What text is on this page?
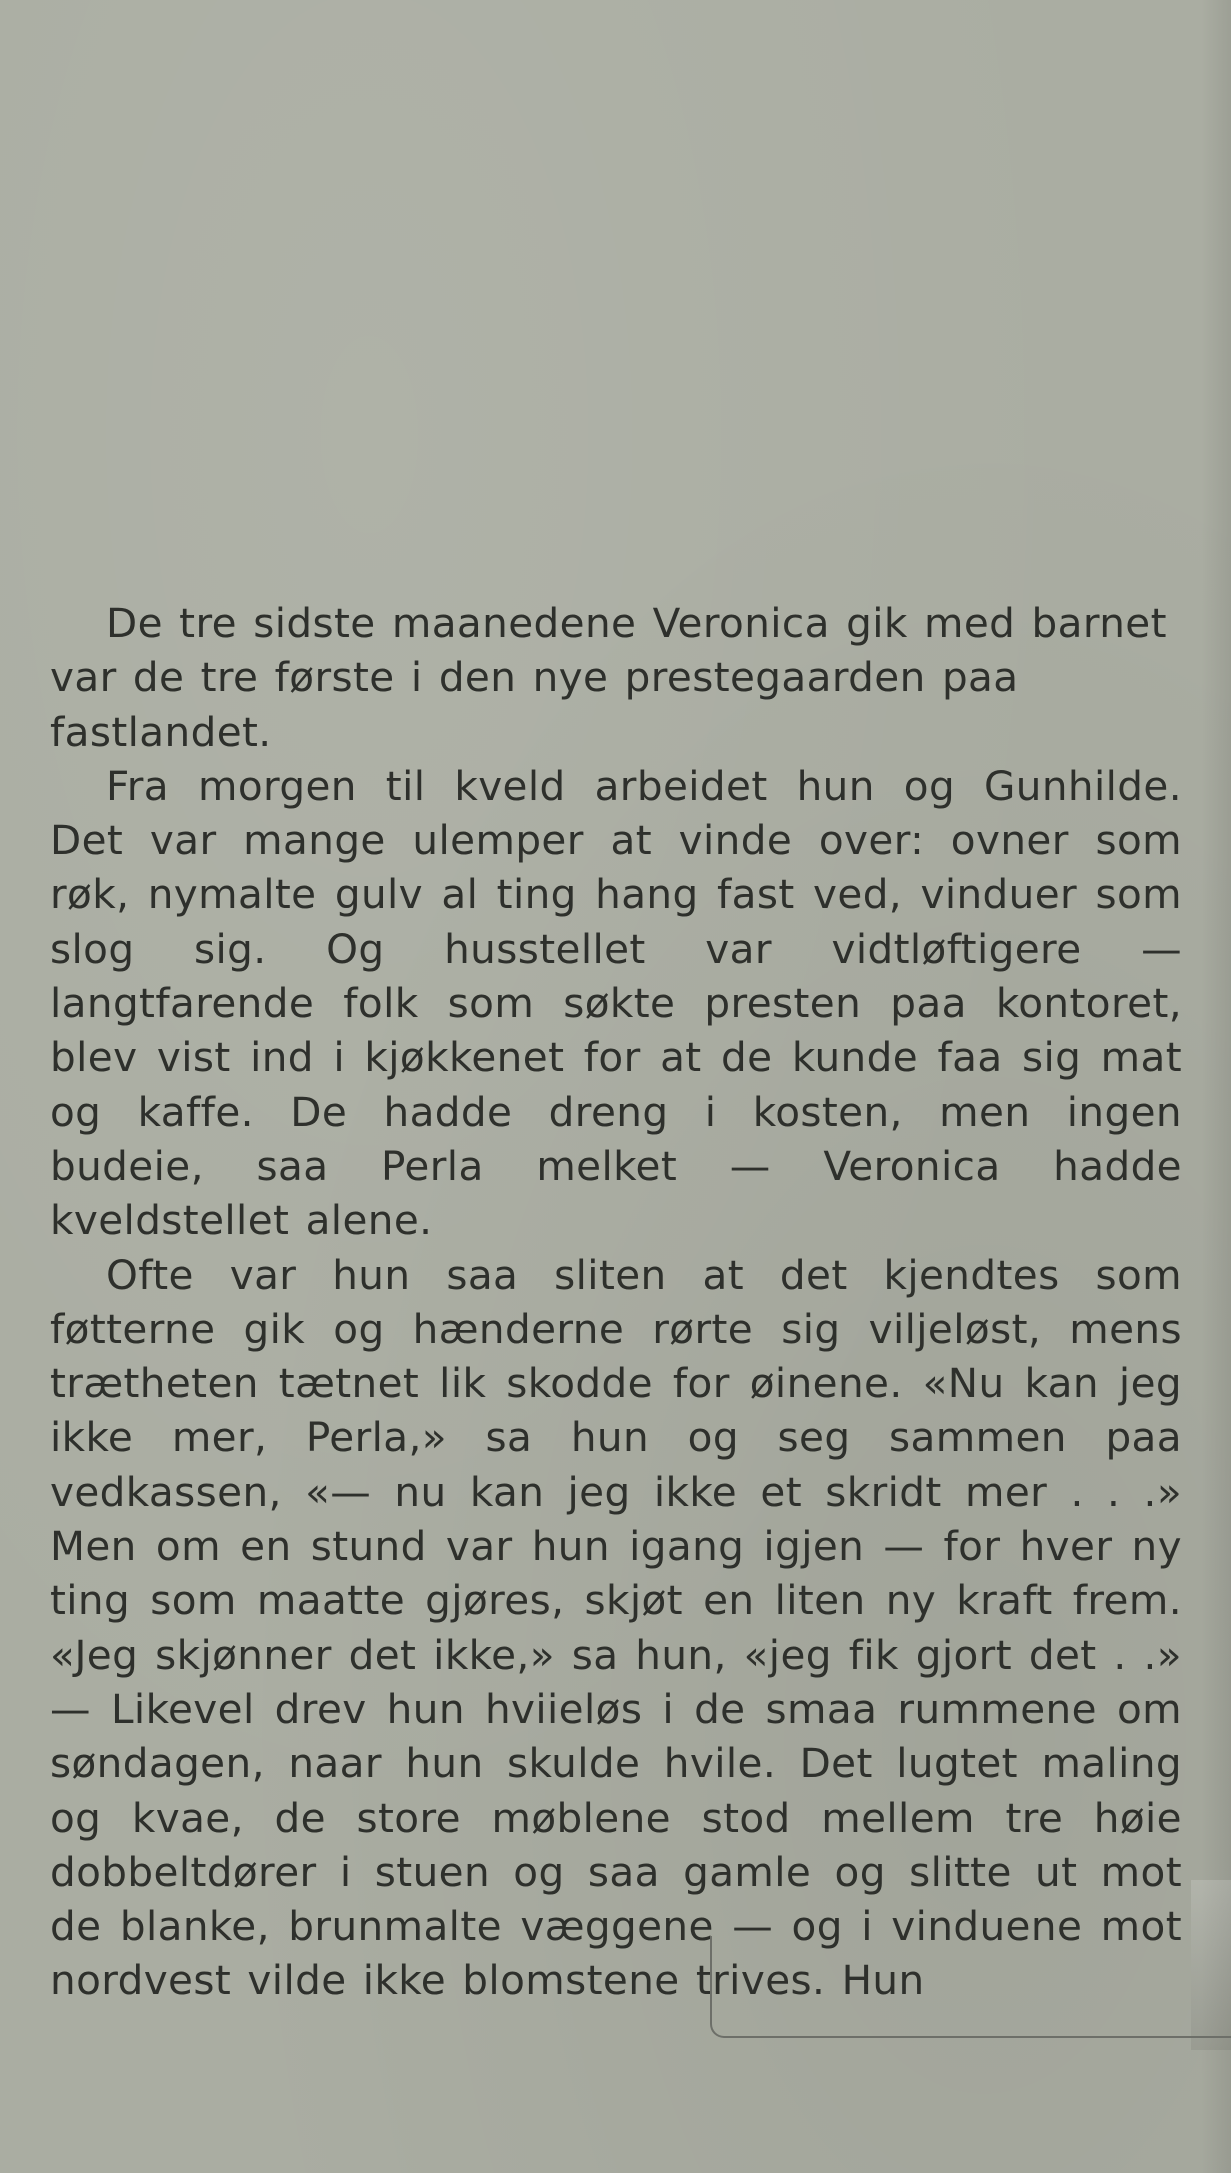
De tre sidste maanedene Veronica gik med barnet var de tre første i den nye prestegaarden paa fastlandet.

Fra morgen til kveld arbeidet hun og Gunhilde. Det var mange ulemper at vinde over: ovner som røk, nymalte gulv al ting hang fast ved, vinduer som slog sig. Og husstellet var vidtløftigere — langtfarende folk som søkte presten paa kontoret, blev vist ind i kjøkkenet for at de kunde faa sig mat og kaffe. De hadde dreng i kosten, men ingen budeie, saa Perla melket — Veronica hadde kveldstellet alene.

Ofte var hun saa sliten at det kjendtes som føtterne gik og hænderne rørte sig viljeløst, mens trætheten tætnet lik skodde for øinene. «Nu kan jeg ikke mer, Perla,» sa hun og seg sammen paa vedkassen, «— nu kan jeg ikke et skridt mer . . .» Men om en stund var hun igang igjen — for hver ny ting som maatte gjøres, skjøt en liten ny kraft frem. «Jeg skjønner det ikke,» sa hun, «jeg fik gjort det . .» — Likevel drev hun hviieløs i de smaa rummene om søndagen, naar hun skulde hvile. Det lugtet maling og kvae, de store møblene stod mellem tre høie dobbeltdører i stuen og saa gamle og slitte ut mot de blanke, brunmalte væggene — og i vinduene mot nordvest vilde ikke blomstene trives. Hun
